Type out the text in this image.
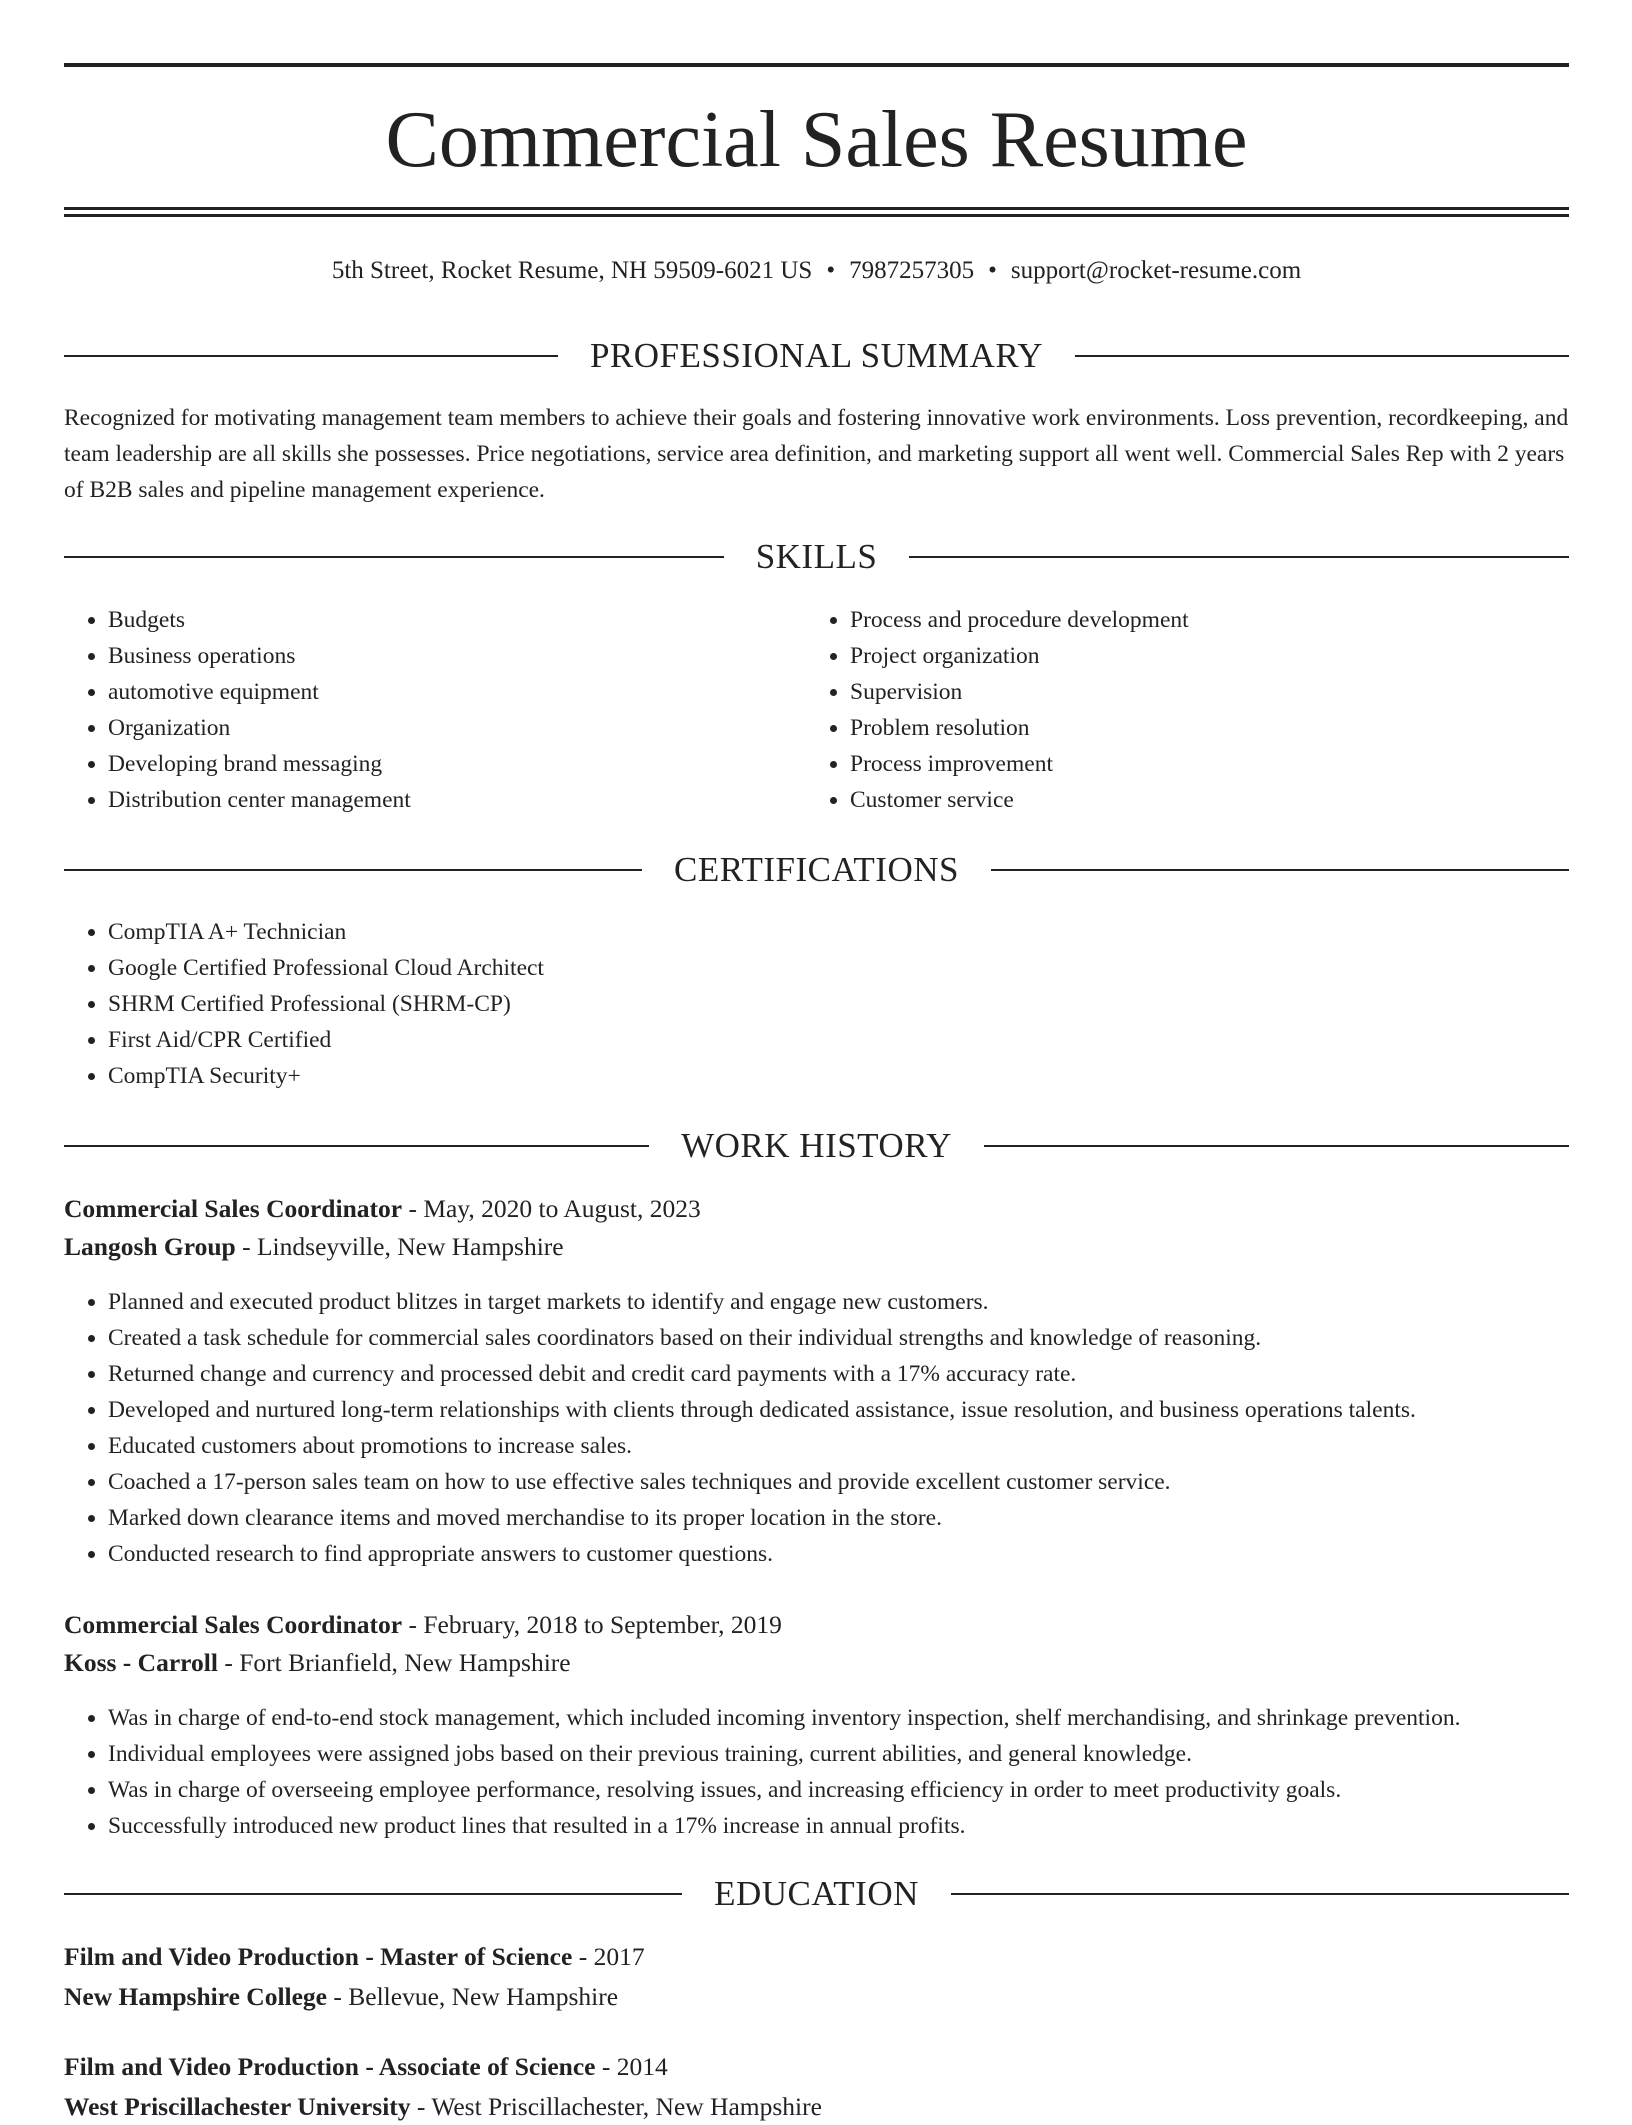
Commercial Sales Resume
5th Street, Rocket Resume, NH 59509-6021 US • 7987257305 • support@rocket-resume.com
PROFESSIONAL SUMMARY

Recognized for motivating management team members to achieve their goals and fostering innovative work environments. Loss prevention, recordkeeping, and team leadership are all skills she possesses. Price negotiations, service area definition, and marketing support all went well. Commercial Sales Rep with 2 years of B2B sales and pipeline management experience.

SKILLS
• Budgets
• Business operations
• automotive equipment
• Organization
• Developing brand messaging
• Distribution center management
• Process and procedure development
• Project organization
• Supervision
• Problem resolution
• Process improvement
• Customer service
CERTIFICATIONS
• CompTIA A+ Technician
• Google Certified Professional Cloud Architect
• SHRM Certified Professional (SHRM-CP)
• First Aid/CPR Certified
• CompTIA Security+
WORK HISTORY
Commercial Sales Coordinator - May, 2020 to August, 2023
Langosh Group - Lindseyville, New Hampshire
• Planned and executed product blitzes in target markets to identify and engage new customers.
• Created a task schedule for commercial sales coordinators based on their individual strengths and knowledge of reasoning.
• Returned change and currency and processed debit and credit card payments with a 17% accuracy rate.
• Developed and nurtured long-term relationships with clients through dedicated assistance, issue resolution, and business operations talents.
• Educated customers about promotions to increase sales.
• Coached a 17-person sales team on how to use effective sales techniques and provide excellent customer service.
• Marked down clearance items and moved merchandise to its proper location in the store.
• Conducted research to find appropriate answers to customer questions.
Commercial Sales Coordinator - February, 2018 to September, 2019
Koss - Carroll - Fort Brianfield, New Hampshire
• Was in charge of end-to-end stock management, which included incoming inventory inspection, shelf merchandising, and shrinkage prevention.
• Individual employees were assigned jobs based on their previous training, current abilities, and general knowledge.
• Was in charge of overseeing employee performance, resolving issues, and increasing efficiency in order to meet productivity goals.
• Successfully introduced new product lines that resulted in a 17% increase in annual profits.
EDUCATION
Film and Video Production - Master of Science - 2017
New Hampshire College - Bellevue, New Hampshire
Film and Video Production - Associate of Science - 2014
West Priscillachester University - West Priscillachester, New Hampshire
